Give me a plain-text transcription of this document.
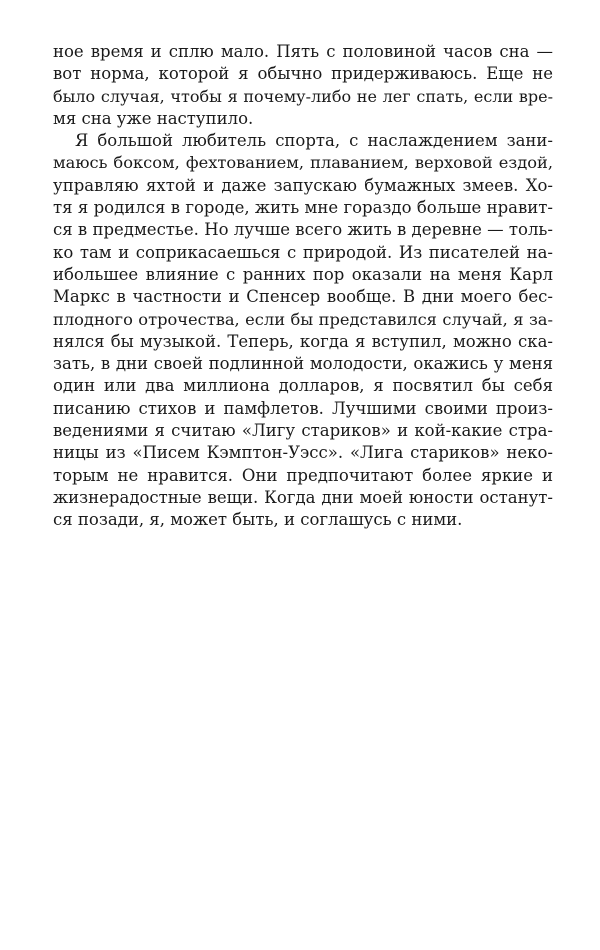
ное время и сплю мало. Пять с половиной часов сна —
вот норма, которой я обычно придерживаюсь. Еще не
было случая, чтобы я почему-либо не лег спать, если вре-
мя сна уже наступило.
Я большой любитель спорта, с наслаждением зани-
маюсь боксом, фехтованием, плаванием, верховой ездой,
управляю яхтой и даже запускаю бумажных змеев. Хо-
тя я родился в городе, жить мне гораздо больше нравит-
ся в предместье. Но лучше всего жить в деревне — толь-
ко там и соприкасаешься с природой. Из писателей на-
ибольшее влияние с ранних пор оказали на меня Карл
Маркс в частности и Спенсер вообще. В дни моего бес-
плодного отрочества, если бы представился случай, я за-
нялся бы музыкой. Теперь, когда я вступил, можно ска-
зать, в дни своей подлинной молодости, окажись у меня
один или два миллиона долларов, я посвятил бы себя
писанию стихов и памфлетов. Лучшими своими произ-
ведениями я считаю «Лигу стариков» и кой-какие стра-
ницы из «Писем Кэмптон-Уэсс». «Лига стариков» неко-
торым не нравится. Они предпочитают более яркие и
жизнерадостные вещи. Когда дни моей юности останут-
ся позади, я, может быть, и соглашусь с ними.
